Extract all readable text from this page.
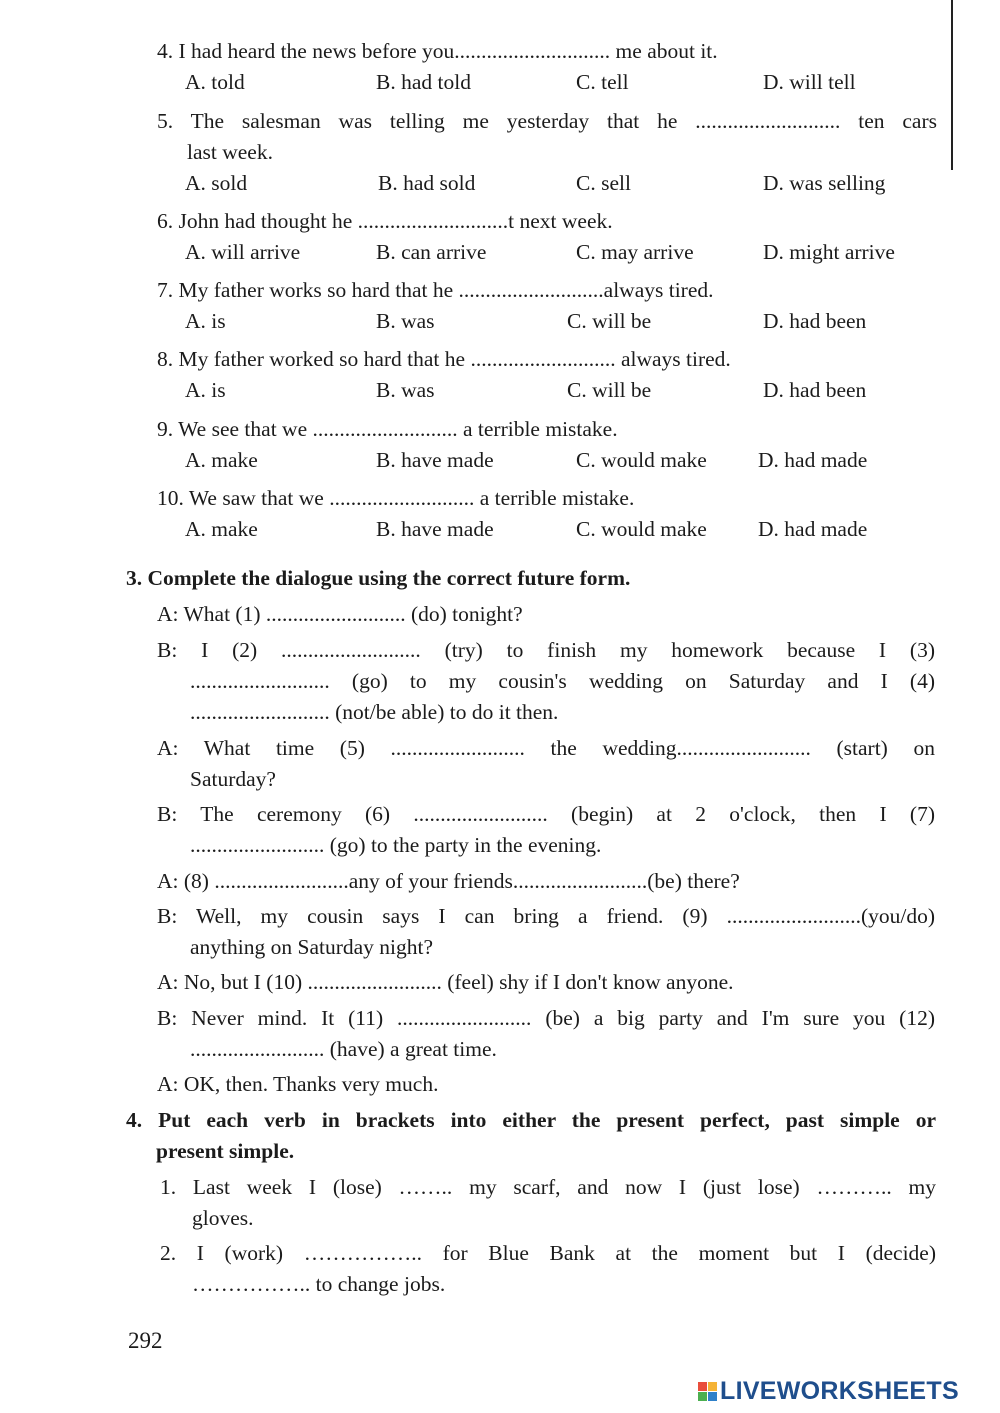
4. I had heard the news before you............................. me about it.
A. told	B. had told	C. tell	D. will tell
5. The salesman was telling me yesterday that he ........................... ten cars
last week.
A. sold	B. had sold	C. sell	D. was selling
6. John had thought he ............................t next week.
A. will arrive	B. can arrive	C. may arrive	D. might arrive
7. My father works so hard that he ...........................always tired.
A. is	B. was	C. will be	D. had been
8. My father worked so hard that he ........................... always tired.
A. is	B. was	C. will be	D. had been
9. We see that we ........................... a terrible mistake.
A. make	B. have made	C. would make D. had made
10. We saw that we ........................... a terrible mistake.
A. make	B. have made	C. would make D. had made
3. Complete the dialogue using the correct future form.
A: What (1) .......................... (do) tonight?
B: I (2) .......................... (try) to finish my homework because I (3)
.......................... (go) to my cousin's wedding on Saturday and I (4)
.......................... (not/be able) to do it then.
A: What time (5) ......................... the wedding......................... (start) on
Saturday?
B: The ceremony (6) ......................... (begin) at 2 o'clock, then I (7)
......................... (go) to the party in the evening.
A: (8) .........................any of your friends.........................(be) there?
B: Well, my cousin says I can bring a friend. (9) .........................(you/do)
anything on Saturday night?
A: No, but I (10) ......................... (feel) shy if I don't know anyone.
B: Never mind. It (11) ......................... (be) a big party and I'm sure you (12)
......................... (have) a great time.
A: OK, then. Thanks very much.
4. Put each verb in brackets into either the present perfect, past simple or
present simple.
1. Last week I (lose) …….. my scarf, and now I (just lose) ……….. my
gloves.
2. I (work) …………….. for Blue Bank at the moment but I (decide)
…………….. to change jobs.
292
LIVEWORKSHEETS
